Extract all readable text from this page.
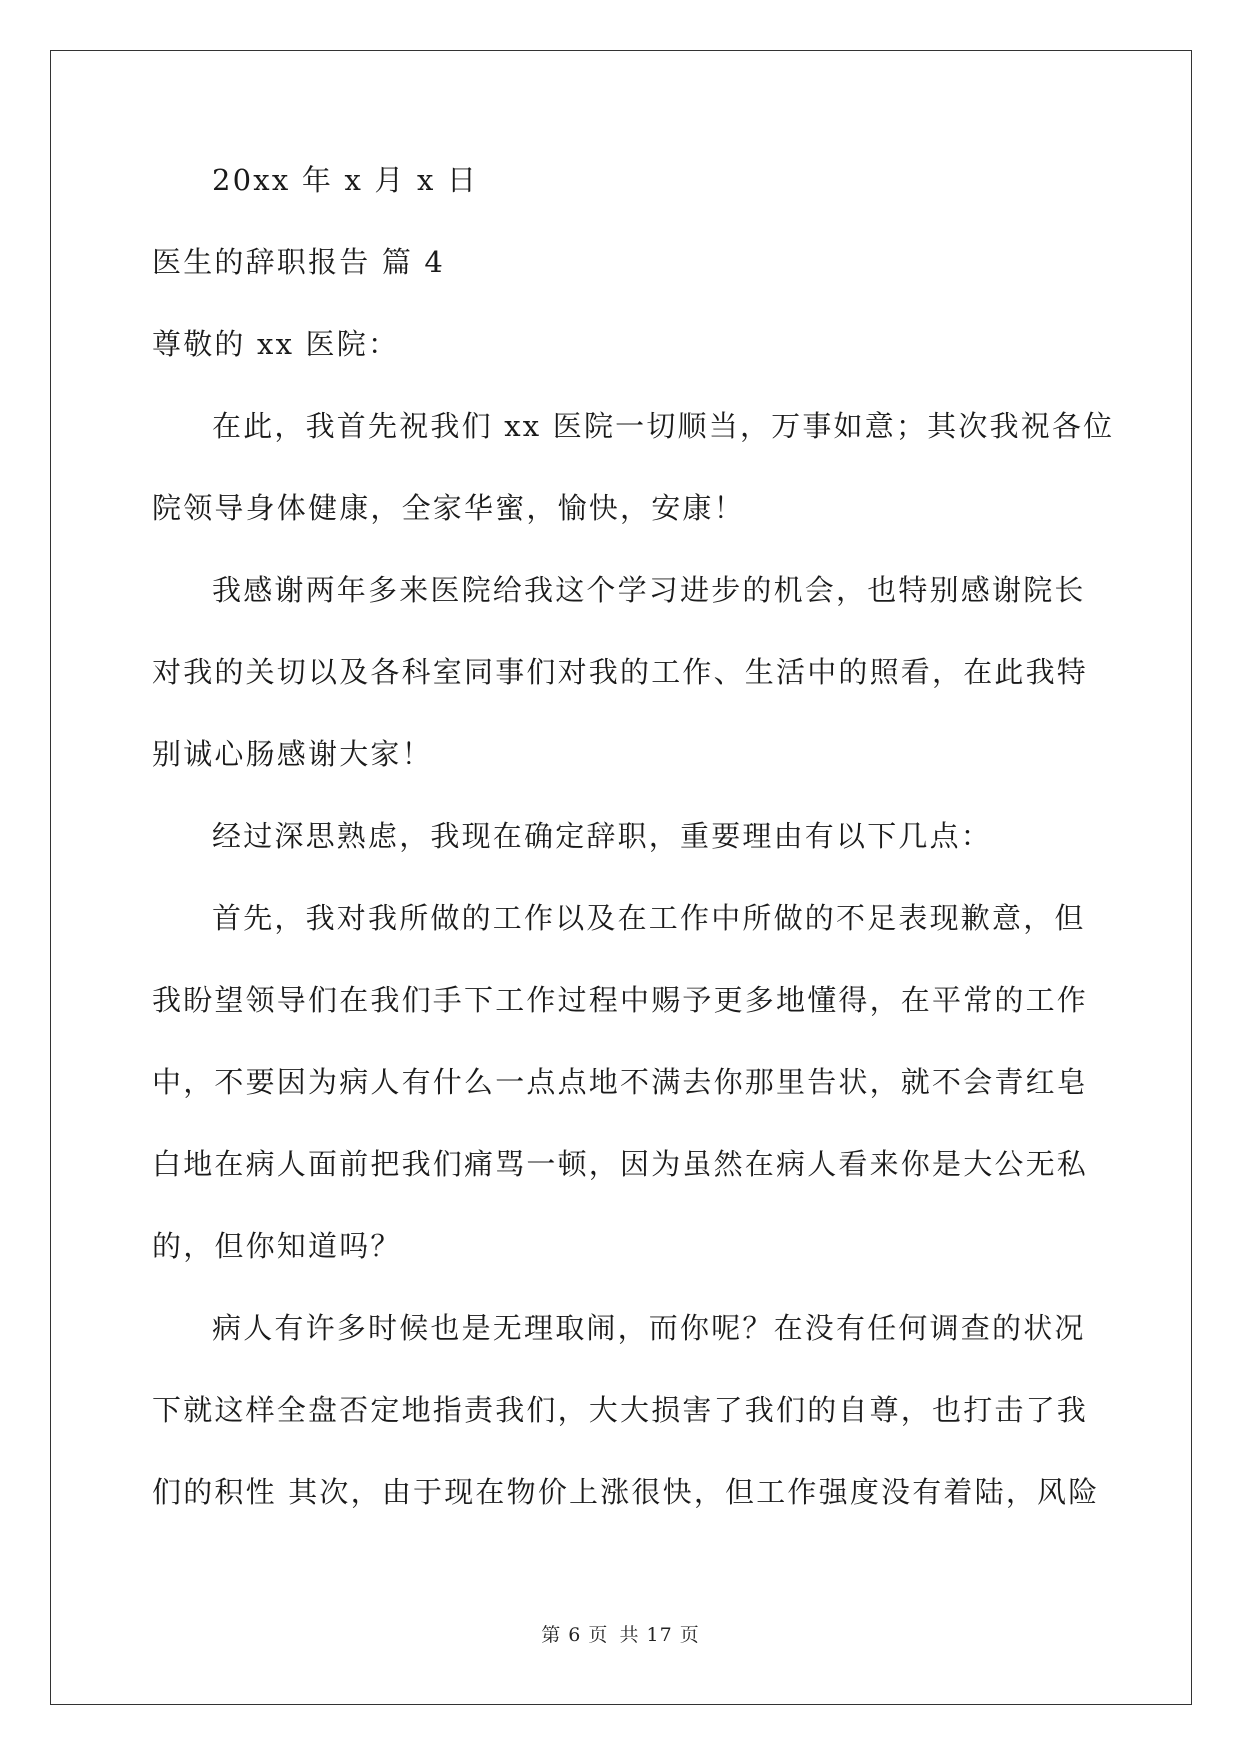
20xx 年 x 月 x 日
医生的辞职报告 篇 4
尊敬的 xx 医院：
在此，我首先祝我们 xx 医院一切顺当，万事如意；其次我祝各位
院领导身体健康，全家华蜜，愉快，安康！
我感谢两年多来医院给我这个学习进步的机会，也特别感谢院长
对我的关切以及各科室同事们对我的工作、生活中的照看，在此我特
别诚心肠感谢大家！
经过深思熟虑，我现在确定辞职，重要理由有以下几点：
首先，我对我所做的工作以及在工作中所做的不足表现歉意，但
我盼望领导们在我们手下工作过程中赐予更多地懂得，在平常的工作
中，不要因为病人有什么一点点地不满去你那里告状，就不会青红皂
白地在病人面前把我们痛骂一顿，因为虽然在病人看来你是大公无私
的，但你知道吗？
病人有许多时候也是无理取闹，而你呢？在没有任何调查的状况
下就这样全盘否定地指责我们，大大损害了我们的自尊，也打击了我
们的积性 其次，由于现在物价上涨很快，但工作强度没有着陆，风险
第 6 页 共 17 页
